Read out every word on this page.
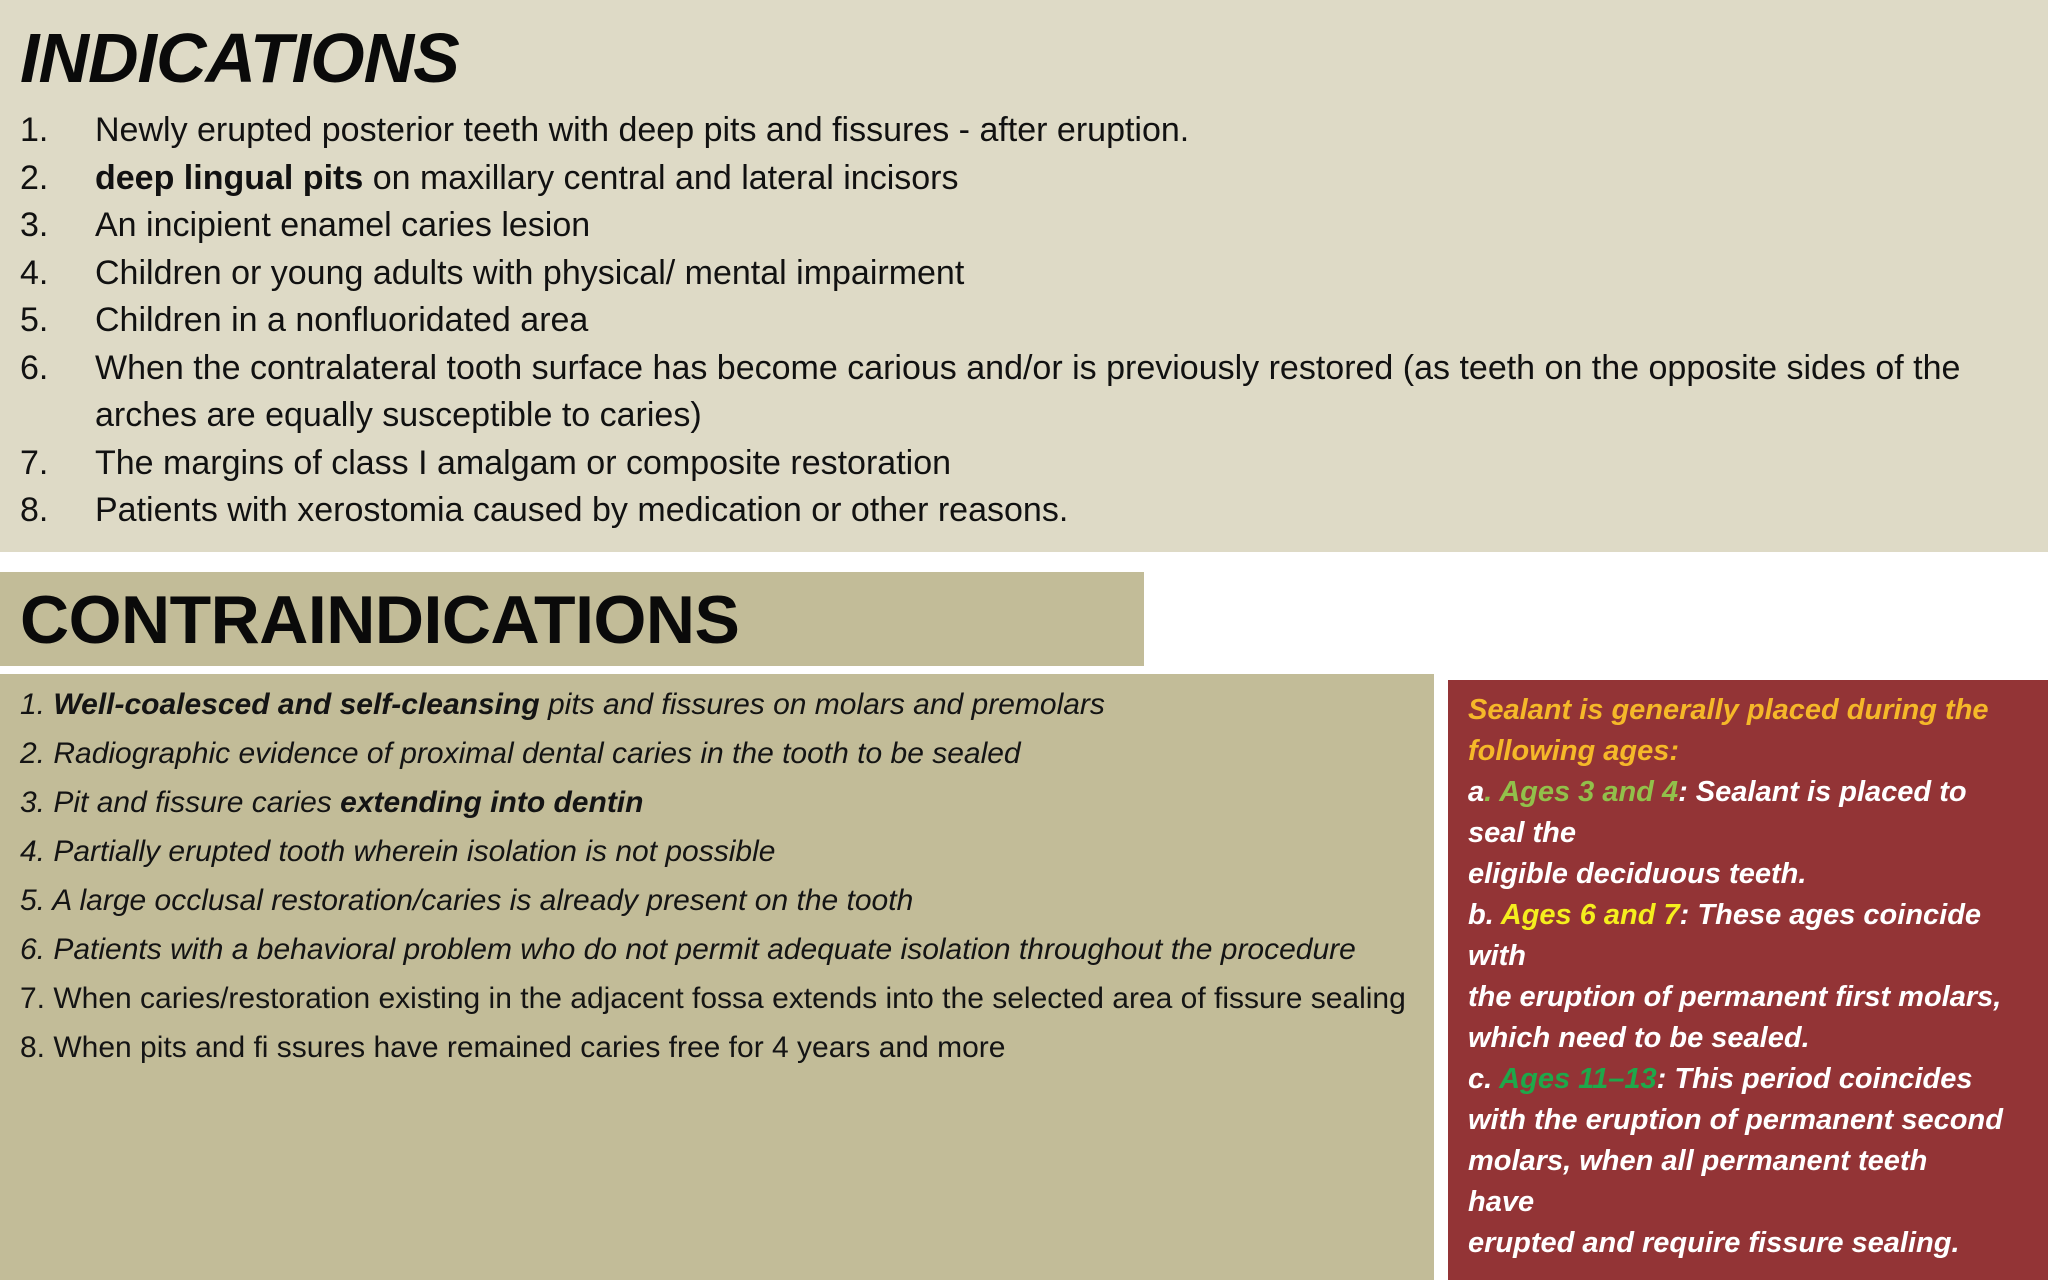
INDICATIONS
1.	Newly erupted posterior teeth with deep pits and fissures - after eruption.
2.	deep lingual pits on maxillary central and lateral incisors
3.	An incipient enamel caries lesion
4.	Children or young adults with physical/ mental impairment
5.	Children in a nonfluoridated area
6.	When the contralateral tooth surface has become carious and/or is previously restored (as teeth on the opposite sides of the arches are equally susceptible to caries)
7.	The margins of class I amalgam or composite restoration
8.	Patients with xerostomia caused by medication or other reasons.
CONTRAINDICATIONS
1. Well-coalesced and self-cleansing pits and fissures on molars and premolars
2. Radiographic evidence of proximal dental caries in the tooth to be sealed
3. Pit and fissure caries extending into dentin
4. Partially erupted tooth wherein isolation is not possible
5. A large occlusal restoration/caries is already present on the tooth
6. Patients with a behavioral problem who do not permit adequate isolation throughout the procedure
7. When caries/restoration existing in the adjacent fossa extends into the selected area of fissure sealing
8. When pits and fi ssures have remained caries free for 4 years and more
Sealant is generally placed during the
following ages:
a. Ages 3 and 4: Sealant is placed to
seal the
eligible deciduous teeth.
b. Ages 6 and 7: These ages coincide
with
the eruption of permanent first molars,
which need to be sealed.
c. Ages 11–13: This period coincides
with the eruption of permanent second
molars, when all permanent teeth
have
erupted and require fissure sealing.
